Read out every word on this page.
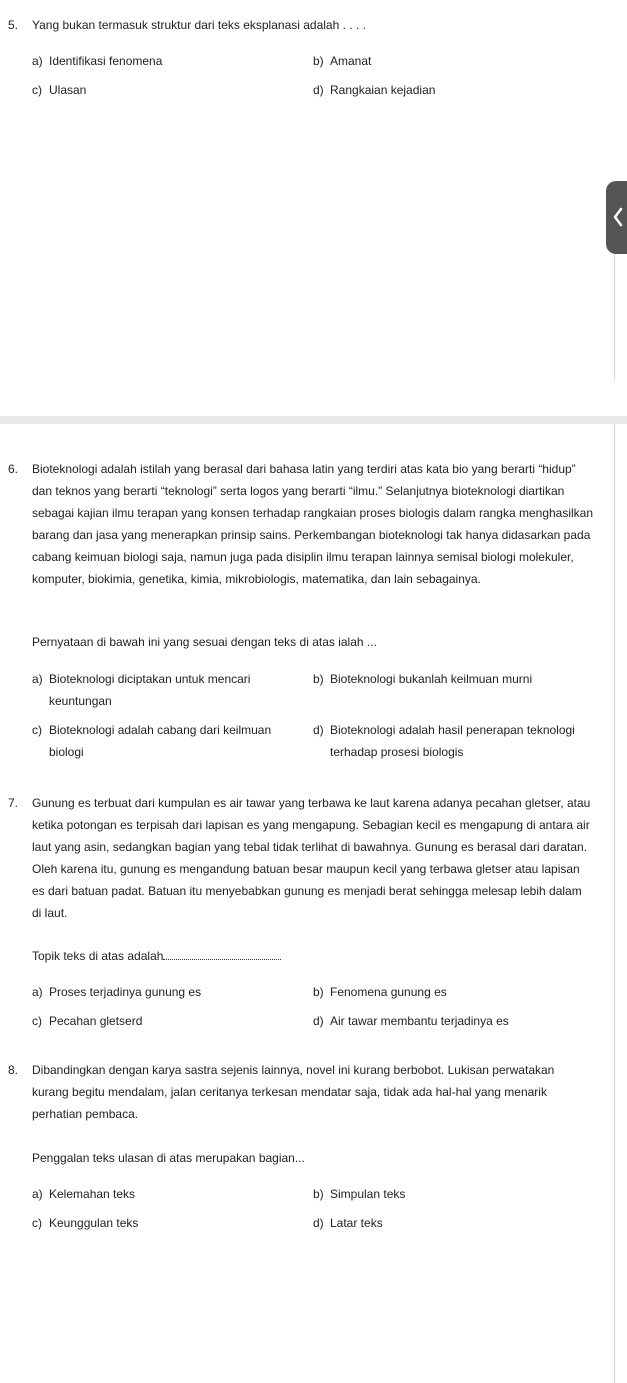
5. Yang bukan termasuk struktur dari teks eksplanasi adalah . . . .
a) Identifikasi fenomena	b) Amanat
c) Ulasan	d) Rangkaian kejadian
6. Bioteknologi adalah istilah yang berasal dari bahasa latin yang terdiri atas kata bio yang berarti “hidup” dan teknos yang berarti “teknologi” serta logos yang berarti “ilmu.” Selanjutnya bioteknologi diartikan sebagai kajian ilmu terapan yang konsen terhadap rangkaian proses biologis dalam rangka menghasilkan barang dan jasa yang menerapkan prinsip sains. Perkembangan bioteknologi tak hanya didasarkan pada cabang keimuan biologi saja, namun juga pada disiplin ilmu terapan lainnya semisal biologi molekuler, komputer, biokimia, genetika, kimia, mikrobiologis, matematika, dan lain sebagainya.
Pernyataan di bawah ini yang sesuai dengan teks di atas ialah ...
a) Bioteknologi diciptakan untuk mencari keuntungan
b) Bioteknologi bukanlah keilmuan murni
c) Bioteknologi adalah cabang dari keilmuan biologi
d) Bioteknologi adalah hasil penerapan teknologi terhadap prosesi biologis
7. Gunung es terbuat dari kumpulan es air tawar yang terbawa ke laut karena adanya pecahan gletser, atau ketika potongan es terpisah dari lapisan es yang mengapung. Sebagian kecil es mengapung di antara air laut yang asin, sedangkan bagian yang tebal tidak terlihat di bawahnya. Gunung es berasal dari daratan. Oleh karena itu, gunung es mengandung batuan besar maupun kecil yang terbawa gletser atau lapisan es dari batuan padat. Batuan itu menyebabkan gunung es menjadi berat sehingga melesap lebih dalam di laut.
Topik teks di atas adalah
a) Proses terjadinya gunung es	b) Fenomena gunung es
c) Pecahan gletserd	d) Air tawar membantu terjadinya es
8. Dibandingkan dengan karya sastra sejenis lainnya, novel ini kurang berbobot. Lukisan perwatakan kurang begitu mendalam, jalan ceritanya terkesan mendatar saja, tidak ada hal-hal yang menarik perhatian pembaca.
Penggalan teks ulasan di atas merupakan bagian...
a) Kelemahan teks	b) Simpulan teks
c) Keunggulan teks	d) Latar teks
